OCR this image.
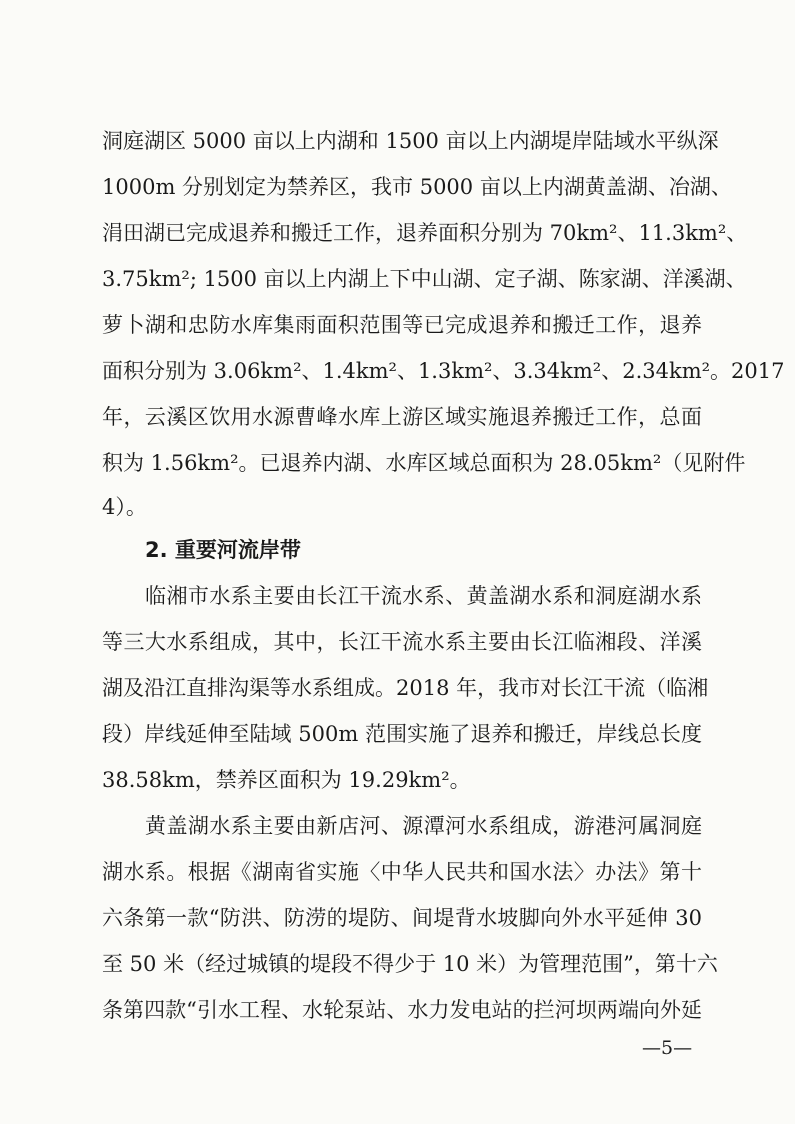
洞庭湖区 5000 亩以上内湖和 1500 亩以上内湖堤岸陆域水平纵深
1000m 分别划定为禁养区，我市 5000 亩以上内湖黄盖湖、冶湖、
涓田湖已完成退养和搬迁工作，退养面积分别为 70km²、11.3km²、
3.75km²; 1500 亩以上内湖上下中山湖、定子湖、陈家湖、洋溪湖、
萝卜湖和忠防水库集雨面积范围等已完成退养和搬迁工作，退养
面积分别为 3.06km²、1.4km²、1.3km²、3.34km²、2.34km²。2017
年，云溪区饮用水源曹峰水库上游区域实施退养搬迁工作，总面
积为 1.56km²。已退养内湖、水库区域总面积为 28.05km²（见附件
4）。
2. 重要河流岸带
临湘市水系主要由长江干流水系、黄盖湖水系和洞庭湖水系
等三大水系组成，其中，长江干流水系主要由长江临湘段、洋溪
湖及沿江直排沟渠等水系组成。2018 年，我市对长江干流（临湘
段）岸线延伸至陆域 500m 范围实施了退养和搬迁，岸线总长度
38.58km，禁养区面积为 19.29km²。
黄盖湖水系主要由新店河、源潭河水系组成，游港河属洞庭
湖水系。根据《湖南省实施〈中华人民共和国水法〉办法》第十
六条第一款“防洪、防涝的堤防、间堤背水坡脚向外水平延伸 30
至 50 米（经过城镇的堤段不得少于 10 米）为管理范围”，第十六
条第四款“引水工程、水轮泵站、水力发电站的拦河坝两端向外延
—5—
